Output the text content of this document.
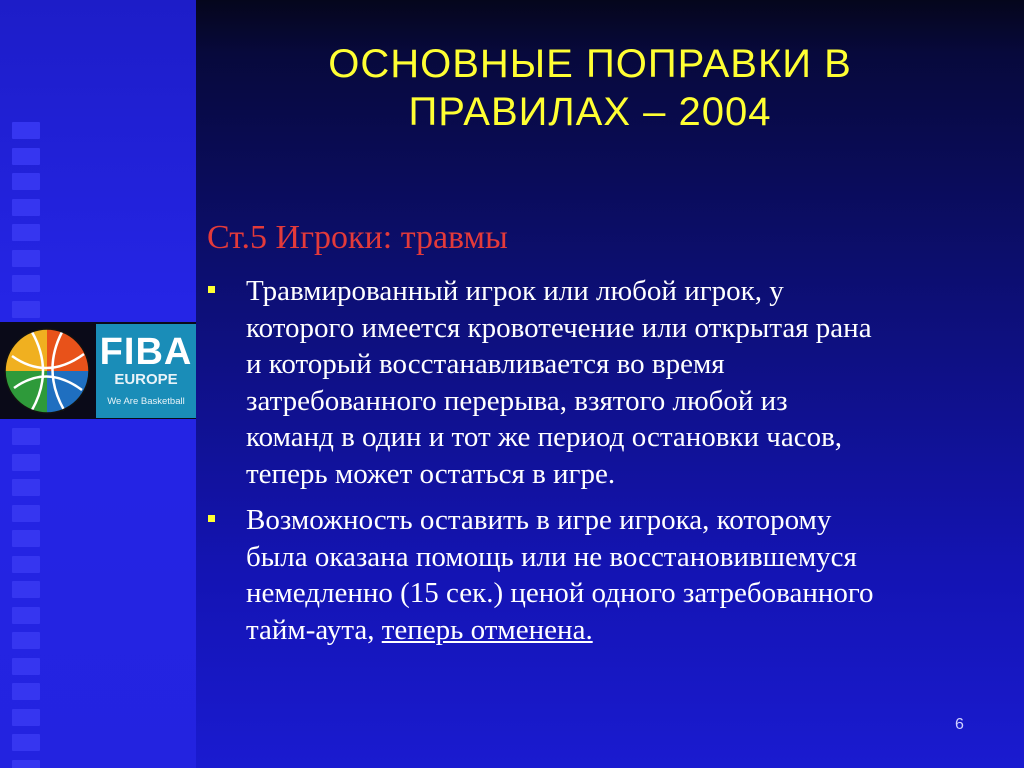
FIBA
EUROPE
We Are Basketball
ОСНОВНЫЕ ПОПРАВКИ В
ПРАВИЛАХ – 2004
Ст.5 Игроки: травмы
Травмированный игрок или любой игрок, у
которого имеется кровотечение или открытая рана
и который восстанавливается во время
затребованного перерыва, взятого любой из
команд в один и тот же период остановки часов,
теперь может остаться в игре.
Возможность оставить в игре игрока, которому
была оказана помощь или не восстановившемуся
немедленно (15 сек.) ценой одного затребованного
тайм-аута, теперь отменена.
6
